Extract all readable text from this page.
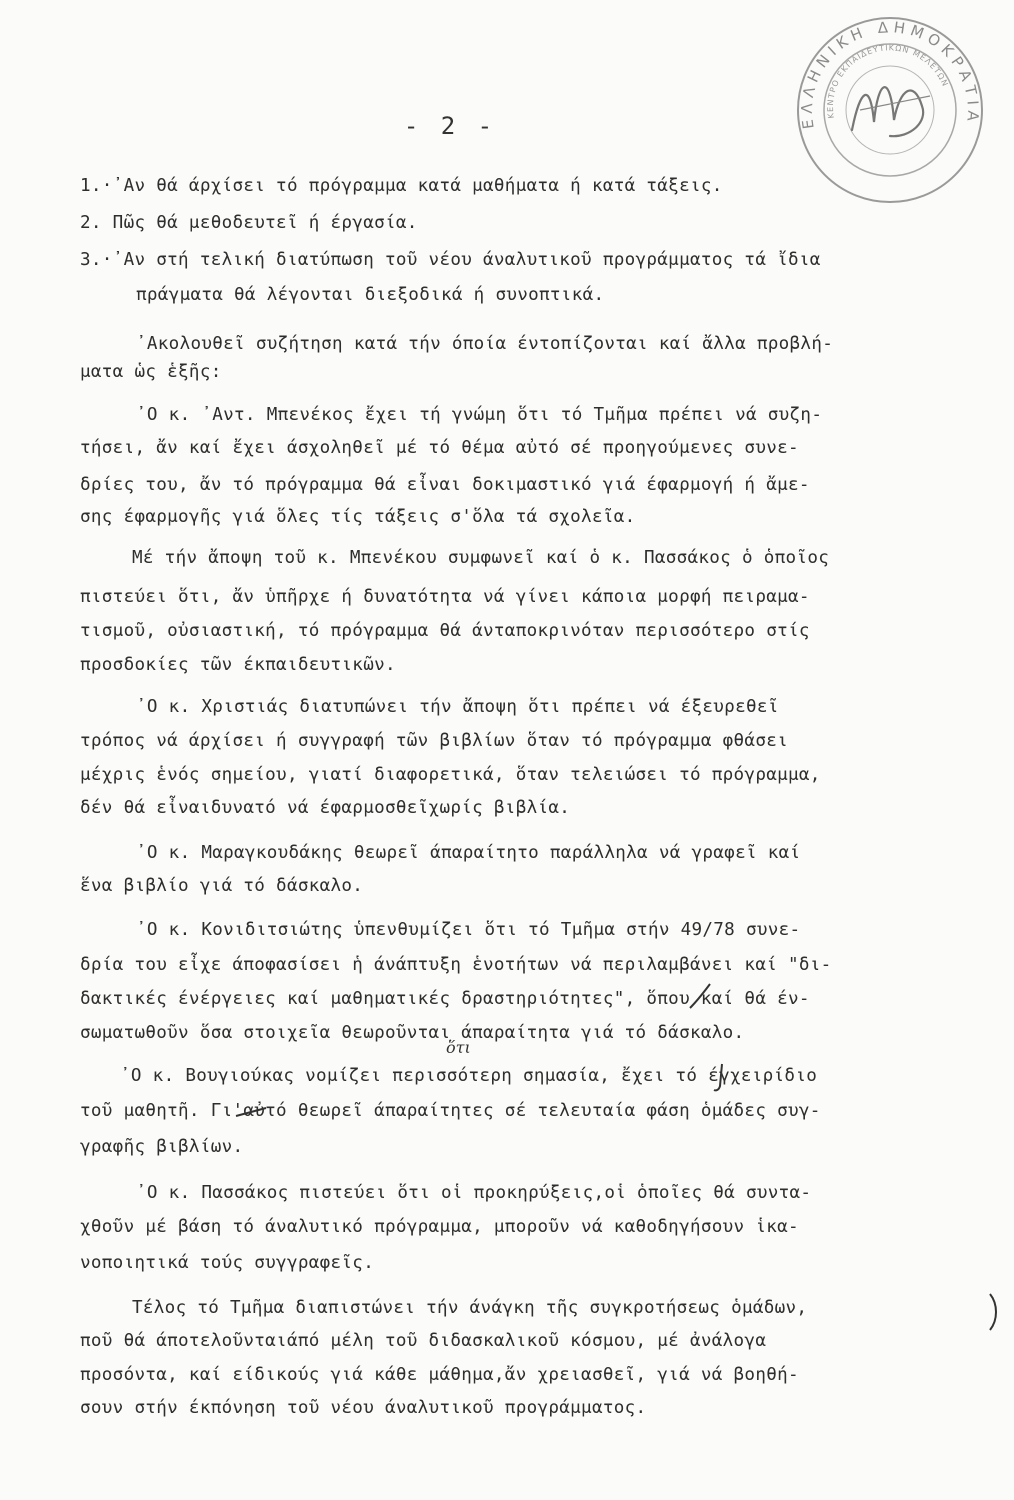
ΕΛΛΗΝΙΚΗ ΔΗΜΟΚΡΑΤΙΑ
ΚΕΝΤΡΟ ΕΚΠΑΙΔΕΥΤΙΚΩΝ ΜΕΛΕΤΩΝ
- 2 -
1.·᾽Αν θά άρχίσει τό πρόγραμμα κατά μαθήματα ή κατά τάξεις.
2. Πῶς θά μεθοδευτεῖ ή έργασία.
3.·᾽Αν στή τελική διατύπωση τοῦ νέου άναλυτικοῦ προγράμματος τά ἴδια
πράγματα θά λέγονται διεξοδικά ή συνοπτικά.
᾽Ακολουθεῖ συζήτηση κατά τήν όποία έντοπίζονται καί ἄλλα προβλή-
ματα ὡς ἑξῆς:
᾽Ο κ. ᾽Αντ. Μπενέκος ἔχει τή γνώμη ὅτι τό Τμῆμα πρέπει νά συζη-
τήσει, ἄν καί ἔχει άσχοληθεῖ μέ τό θέμα αὐτό σέ προηγούμενες συνε-
δρίες του, ἄν τό πρόγραμμα θά εἶναι δοκιμαστικό γιά έφαρμογή ή ἄμε-
σης έφαρμογῆς γιά ὅλες τίς τάξεις σ'ὅλα τά σχολεῖα.
Μέ τήν ἄποψη τοῦ κ. Μπενέκου συμφωνεῖ καί ὁ κ. Πασσάκος ὁ ὁποῖος
πιστεύει ὅτι, ἄν ὑπῆρχε ή δυνατότητα νά γίνει κάποια μορφή πειραμα-
τισμοῦ, οὐσιαστική, τό πρόγραμμα θά άνταποκρινόταν περισσότερο στίς
προσδοκίες τῶν έκπαιδευτικῶν.
᾽Ο κ. Χριστιάς διατυπώνει τήν ἄποψη ὅτι πρέπει νά έξευρεθεῖ
τρόπος νά άρχίσει ή συγγραφή τῶν βιβλίων ὅταν τό πρόγραμμα φθάσει
μέχρις ἑνός σημείου, γιατί διαφορετικά, ὅταν τελειώσει τό πρόγραμμα,
δέν θά εἶναιδυνατό νά έφαρμοσθεῖχωρίς βιβλία.
᾽Ο κ. Μαραγκουδάκης θεωρεῖ άπαραίτητο παράλληλα νά γραφεῖ καί
ἕνα βιβλίο γιά τό δάσκαλο.
᾽Ο κ. Κονιδιτσιώτης ὑπενθυμίζει ὅτι τό Τμῆμα στήν 49/78 συνε-
δρία του εἶχε άποφασίσει ἡ άνάπτυξη ἑνοτήτων νά περιλαμβάνει καί "δι-
δακτικές ένέργειες καί μαθηματικές δραστηριότητες", ὅπου καί θά έν-
σωματωθοῦν ὅσα στοιχεῖα θεωροῦνται άπαραίτητα γιά τό δάσκαλο.
ὅτι
᾽Ο κ. Βουγιούκας νομίζει περισσότερη σημασία, ἔχει τό έγχειρίδιο
τοῦ μαθητῆ. Γι'αὐτό θεωρεῖ άπαραίτητες σέ τελευταία φάση ὁμάδες συγ-
γραφῆς βιβλίων.
᾽Ο κ. Πασσάκος πιστεύει ὅτι οἱ προκηρύξεις,οἱ ὁποῖες θά συντα-
χθοῦν μέ βάση τό άναλυτικό πρόγραμμα, μποροῦν νά καθοδηγήσουν ἱκα-
νοποιητικά τούς συγγραφεῖς.
Τέλος τό Τμῆμα διαπιστώνει τήν άνάγκη τῆς συγκροτήσεως ὁμάδων,
ποῦ θά άποτελοῦνταιάπό μέλη τοῦ διδασκαλικοῦ κόσμου, μέ ἀνάλογα
προσόντα, καί είδικούς γιά κάθε μάθημα,ἄν χρειασθεῖ, γιά νά βοηθή-
σουν στήν έκπόνηση τοῦ νέου άναλυτικοῦ προγράμματος.
